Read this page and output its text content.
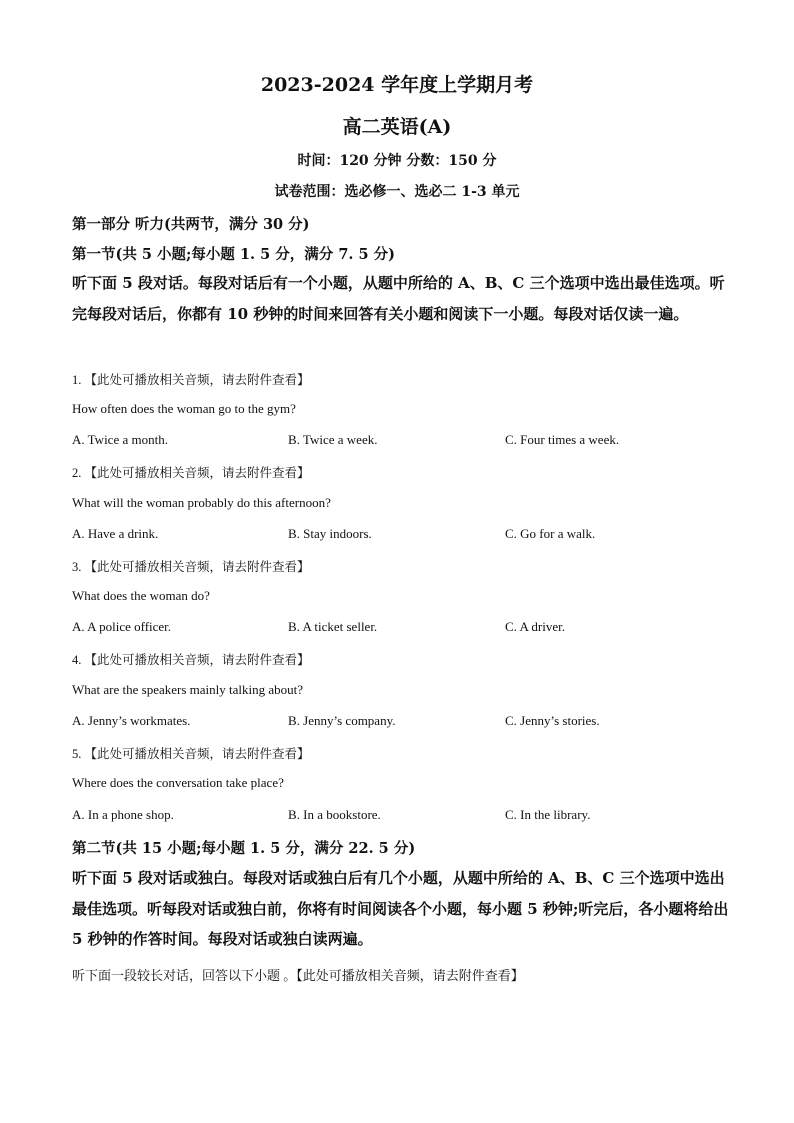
2023-2024 学年度上学期月考
高二英语(A)
时间：120 分钟 分数：150 分
试卷范围：选必修一、选必二 1-3 单元
第一部分 听力(共两节，满分 30 分)
第一节(共 5 小题;每小题 1. 5 分，满分 7. 5 分)
听下面 5 段对话。每段对话后有一个小题，从题中所给的 A、B、C 三个选项中选出最佳选项。听完每段对话后，你都有 10 秒钟的时间来回答有关小题和阅读下一小题。每段对话仅读一遍。
1. 【此处可播放相关音频，请去附件查看】
How often does the woman go to the gym?
A. Twice a month.	B. Twice a week.	C. Four times a week.
2. 【此处可播放相关音频，请去附件查看】
What will the woman probably do this afternoon?
A. Have a drink.	B. Stay indoors.	C. Go for a walk.
3. 【此处可播放相关音频，请去附件查看】
What does the woman do?
A. A police officer.	B. A ticket seller.	C. A driver.
4. 【此处可播放相关音频，请去附件查看】
What are the speakers mainly talking about?
A. Jenny’s workmates.	B. Jenny’s company.	C. Jenny’s stories.
5. 【此处可播放相关音频，请去附件查看】
Where does the conversation take place?
A. In a phone shop.	B. In a bookstore.	C. In the library.
第二节(共 15 小题;每小题 1. 5 分，满分 22. 5 分)
听下面 5 段对话或独白。每段对话或独白后有几个小题，从题中所给的 A、B、C 三个选项中选出最佳选项。听每段对话或独白前，你将有时间阅读各个小题，每小题 5 秒钟;听完后，各小题将给出 5 秒钟的作答时间。每段对话或独白读两遍。
听下面一段较长对话，回答以下小题 。【此处可播放相关音频，请去附件查看】
